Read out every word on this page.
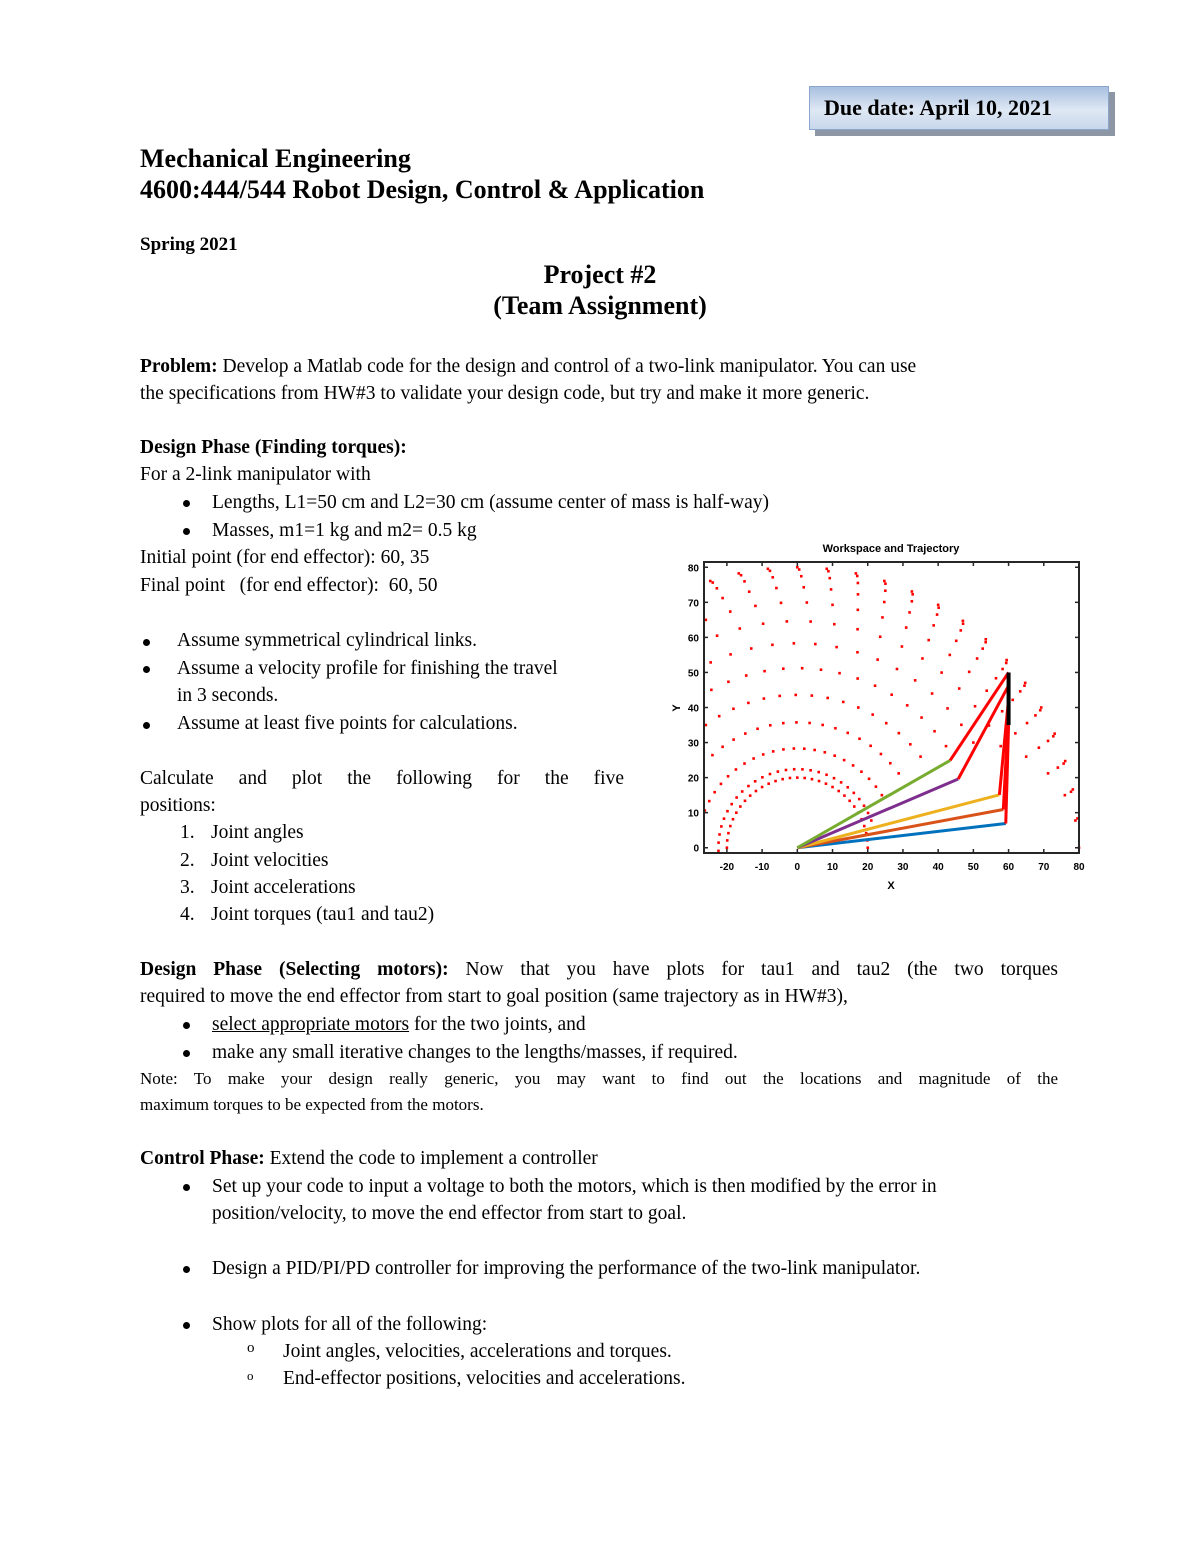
Due date: April 10, 2021
Mechanical Engineering
4600:444/544 Robot Design, Control & Application
Spring 2021
Project #2
(Team Assignment)
Problem: Develop a Matlab code for the design and control of a two-link manipulator. You can use
the specifications from HW#3 to validate your design code, but try and make it more generic.
Design Phase (Finding torques):
For a 2-link manipulator with
Lengths, L1=50 cm and L2=30 cm (assume center of mass is half-way)
Masses, m1=1 kg and m2= 0.5 kg
Initial point (for end effector): 60, 35
Final point   (for end effector):  60, 50
Assume symmetrical cylindrical links.
Assume a velocity profile for finishing the travel
in 3 seconds.
Assume at least five points for calculations.
Calculate and plot the following for the five
positions:
1. Joint angles
2. Joint velocities
3. Joint accelerations
4. Joint torques (tau1 and tau2)
Workspace and Trajectory
-20 -10	0	10 20 30 40 50 60 70 80
0
10
20
30
40
50
60
70
80
X
Y
Design Phase (Selecting motors): Now that you have plots for tau1 and tau2 (the two torques
required to move the end effector from start to goal position (same trajectory as in HW#3),
select appropriate motors for the two joints, and
make any small iterative changes to the lengths/masses, if required.
Note: To make your design really generic, you may want to find out the locations and magnitude of the
maximum torques to be expected from the motors.
Control Phase: Extend the code to implement a controller
Set up your code to input a voltage to both the motors, which is then modified by the error in
position/velocity, to move the end effector from start to goal.
Design a PID/PI/PD controller for improving the performance of the two-link manipulator.
Show plots for all of the following:
o Joint angles, velocities, accelerations and torques.
o End-effector positions, velocities and accelerations.
